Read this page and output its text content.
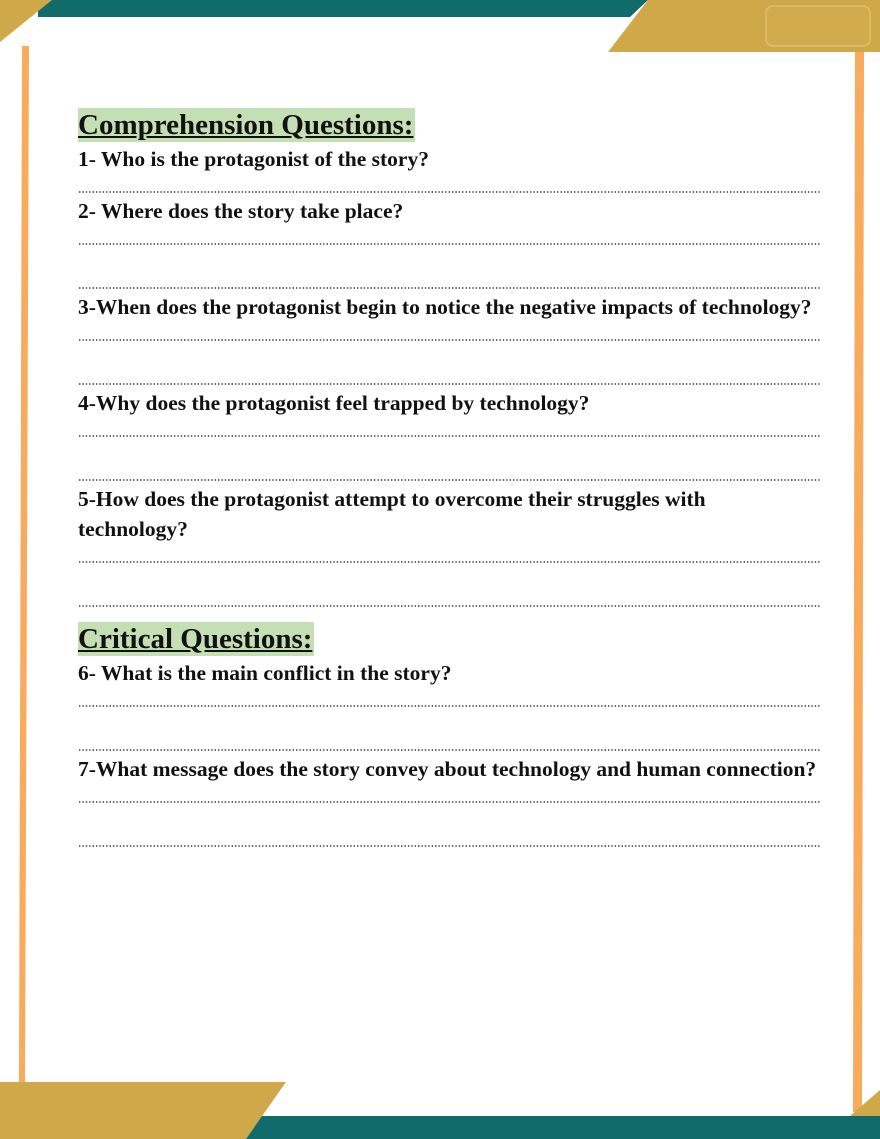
Comprehension Questions:

1- Who is the protagonist of the story?

2- Where does the story take place?

3-When does the protagonist begin to notice the negative impacts of technology?

4-Why does the protagonist feel trapped by technology?

5-How does the protagonist attempt to overcome their struggles with technology?

Critical Questions:

6- What is the main conflict in the story?

7-What message does the story convey about technology and human connection?
